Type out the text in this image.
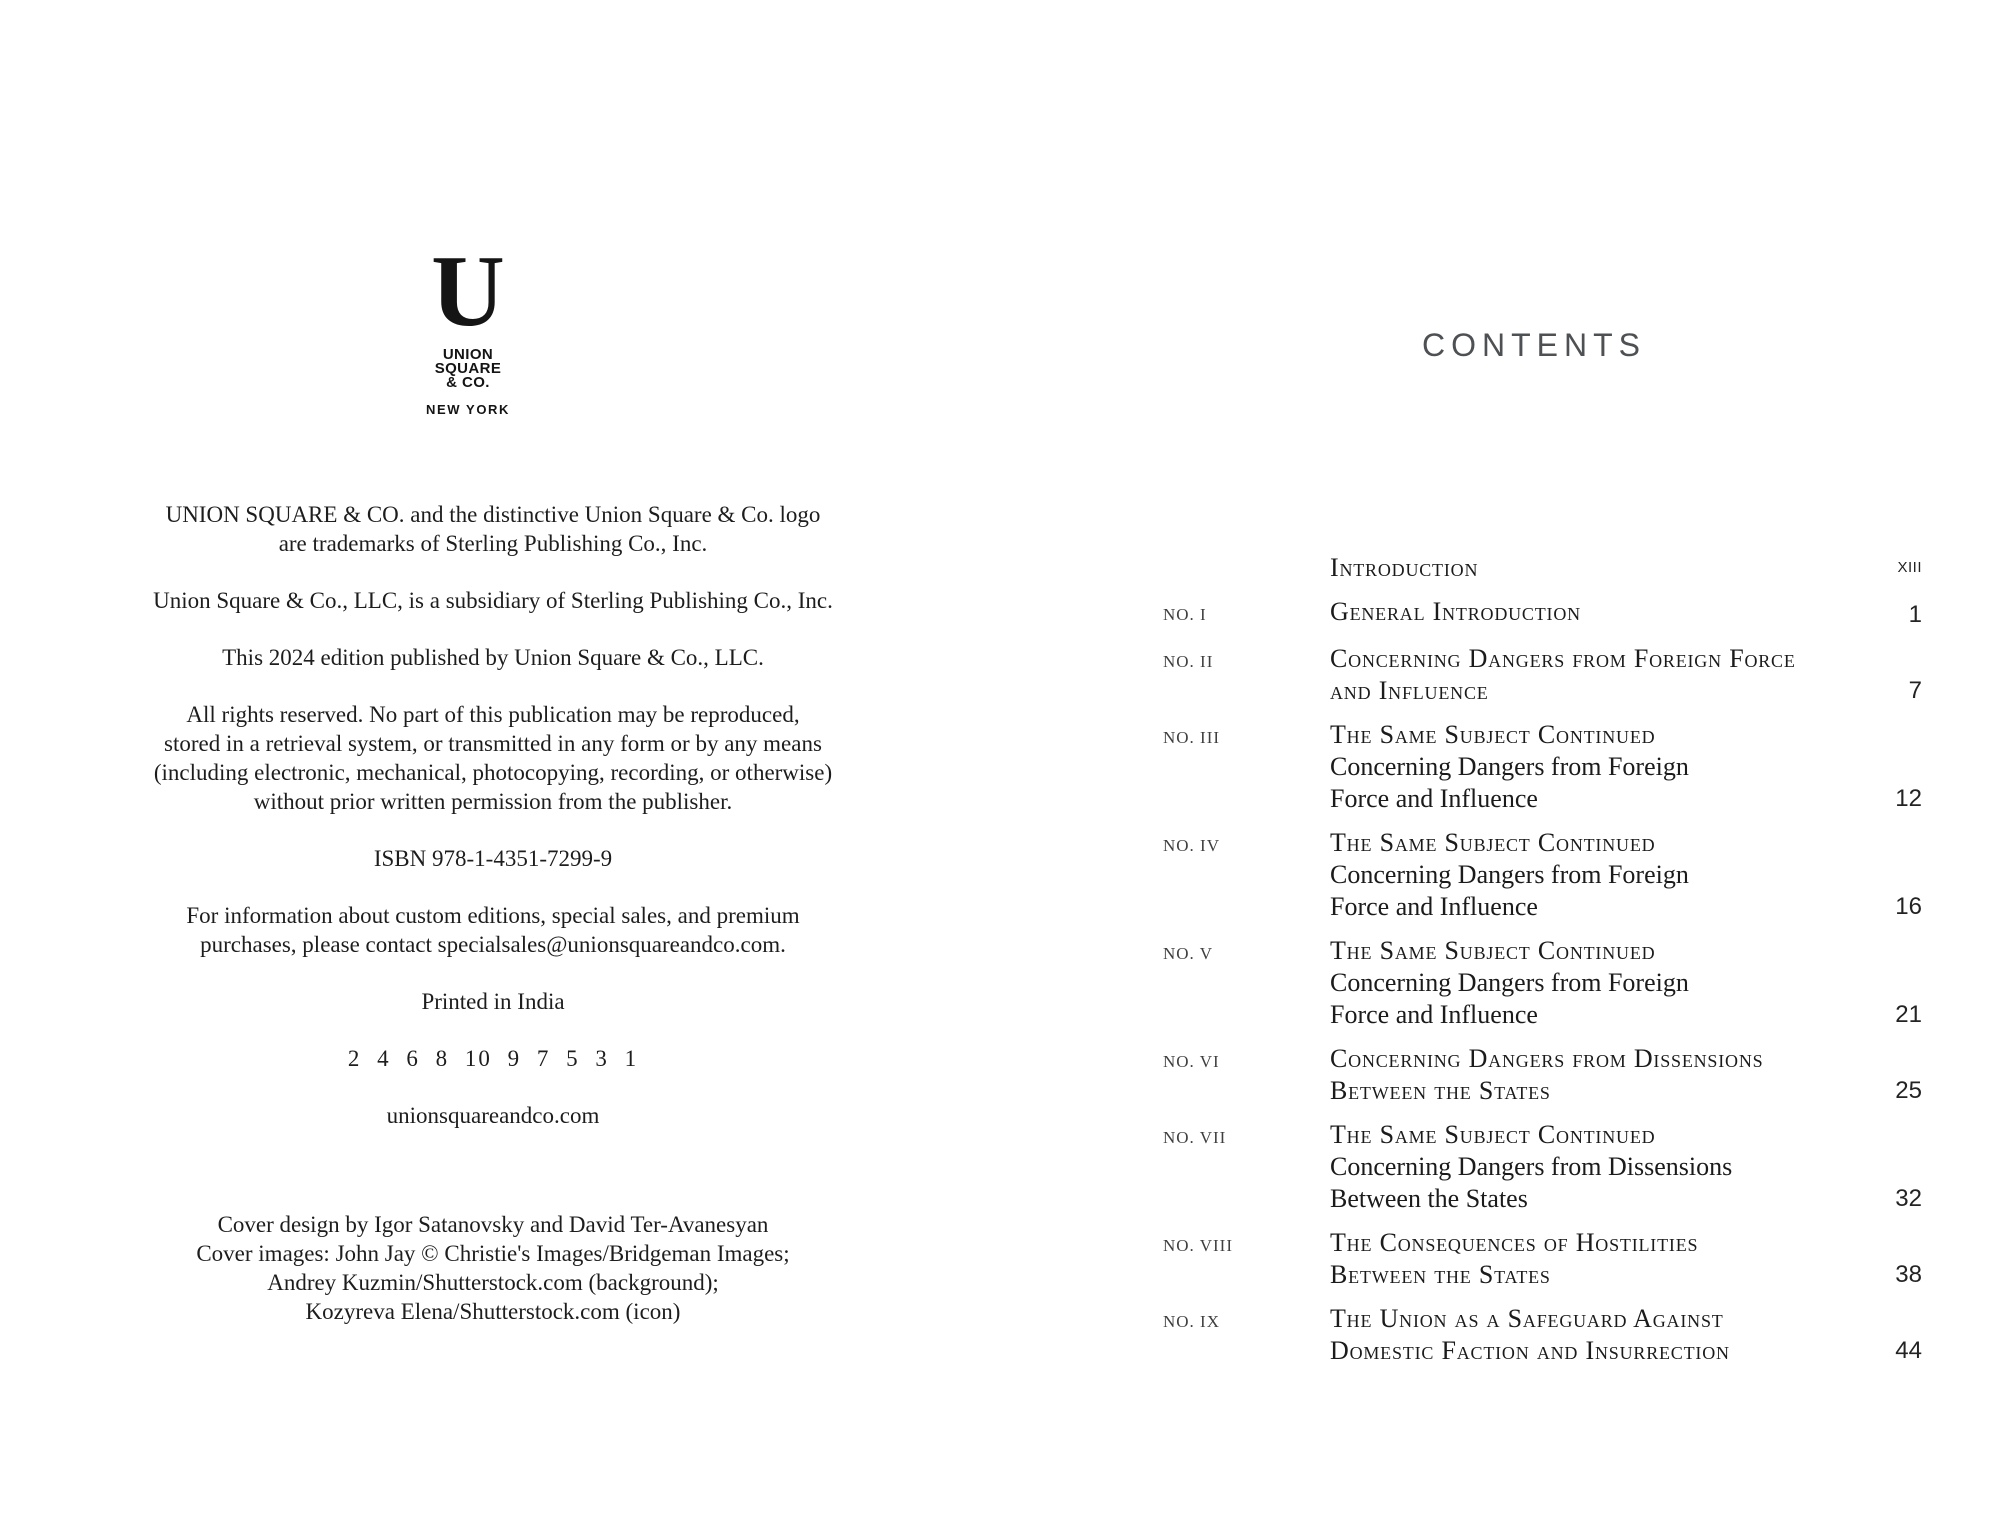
U
UNION
SQUARE
& CO.
NEW YORK
UNION SQUARE & CO. and the distinctive Union Square & Co. logo
are trademarks of Sterling Publishing Co., Inc.
Union Square & Co., LLC, is a subsidiary of Sterling Publishing Co., Inc.
This 2024 edition published by Union Square & Co., LLC.
All rights reserved. No part of this publication may be reproduced,
stored in a retrieval system, or transmitted in any form or by any means
(including electronic, mechanical, photocopying, recording, or otherwise)
without prior written permission from the publisher.
ISBN 978-1-4351-7299-9
For information about custom editions, special sales, and premium
purchases, please contact specialsales@unionsquareandco.com.
Printed in India
2 4 6 8 10 9 7 5 3 1
unionsquareandco.com
Cover design by Igor Satanovsky and David Ter-Avanesyan
Cover images: John Jay © Christie's Images/Bridgeman Images;
Andrey Kuzmin/Shutterstock.com (background);
Kozyreva Elena/Shutterstock.com (icon)
CONTENTS
Introduction	XIII
NO. I	General Introduction	1
NO. II	Concerning Dangers from Foreign Force
and Influence	7
NO. III	The Same Subject Continued
Concerning Dangers from Foreign
Force and Influence	12
NO. IV	The Same Subject Continued
Concerning Dangers from Foreign
Force and Influence	16
NO. V	The Same Subject Continued
Concerning Dangers from Foreign
Force and Influence	21
NO. VI	Concerning Dangers from Dissensions
Between the States	25
NO. VII	The Same Subject Continued
Concerning Dangers from Dissensions
Between the States	32
NO. VIII	The Consequences of Hostilities
Between the States	38
NO. IX	The Union as a Safeguard Against
Domestic Faction and Insurrection	44
